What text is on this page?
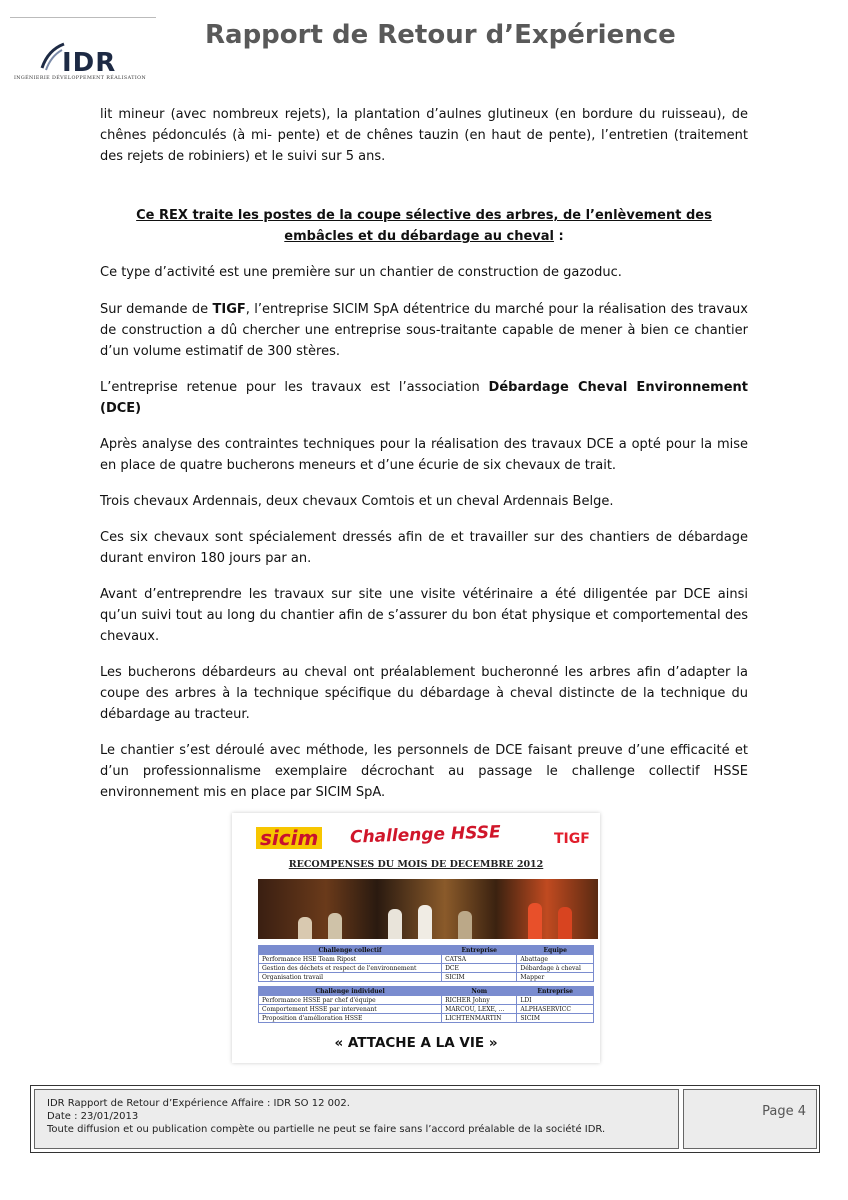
IDR
INGÉNIERIE DÉVELOPPEMENT RÉALISATION
Rapport de Retour d’Expérience

lit mineur (avec nombreux rejets), la plantation d’aulnes glutineux (en bordure du ruisseau), de chênes pédonculés (à mi- pente) et de chênes tauzin (en haut de pente), l’entretien (traitement des rejets de robiniers) et le suivi sur 5 ans.

Ce REX traite les postes de la coupe sélective des arbres, de l’enlèvement des embâcles et du débardage au cheval :

Ce type d’activité est une première sur un chantier de construction de gazoduc.

Sur demande de TIGF, l’entreprise SICIM SpA détentrice du marché pour la réalisation des travaux de construction a dû chercher une entreprise sous-traitante capable de mener à bien ce chantier d’un volume estimatif de 300 stères.

L’entreprise retenue pour les travaux est l’association Débardage Cheval Environnement (DCE)

Après analyse des contraintes techniques pour la réalisation des travaux DCE a opté pour la mise en place de quatre bucherons meneurs et d’une écurie de six chevaux de trait.

Trois chevaux Ardennais, deux chevaux Comtois et un cheval Ardennais Belge.

Ces six chevaux sont spécialement dressés afin de et travailler sur des chantiers de débardage durant environ 180 jours par an.

Avant d’entreprendre les travaux sur site une visite vétérinaire a été diligentée par DCE ainsi qu’un suivi tout au long du chantier afin de s’assurer du bon état physique et comportemental des chevaux.

Les bucherons débardeurs au cheval ont préalablement bucheronné les arbres afin d’adapter la coupe des arbres à la technique spécifique du débardage à cheval distincte de la technique du débardage au tracteur.

Le chantier s’est déroulé avec méthode, les personnels de DCE faisant preuve d’une efficacité et d’un professionnalisme exemplaire décrochant au passage le challenge collectif HSSE environnement mis en place par SICIM SpA.

sicim Challenge HSSE	TIGF
RECOMPENSES DU MOIS DE DECEMBRE 2012
Challenge collectif	Entreprise	Equipe
Performance HSE Team Ripost	CATSA	Abattage
Gestion des déchets et respect de l'environnement	DCE	Débardage à cheval
Organisation travail	SICIM	Mapper

Challenge individuel	Nom	Entreprise
Performance HSSE par chef d'équipe	RICHER Johny	LDI
Comportement HSSE par intervenant	MARCOU, LEXE, ...	ALPHASERVICC
Proposition d'amélioration HSSE	LICHTENMARTIN	SICIM
« ATTACHE A LA VIE »
IDR Rapport de Retour d’Expérience Affaire : IDR SO 12 002.
Date : 23/01/2013
Toute diffusion et ou publication compète ou partielle ne peut se faire sans l’accord préalable de la société IDR.
Page 4
